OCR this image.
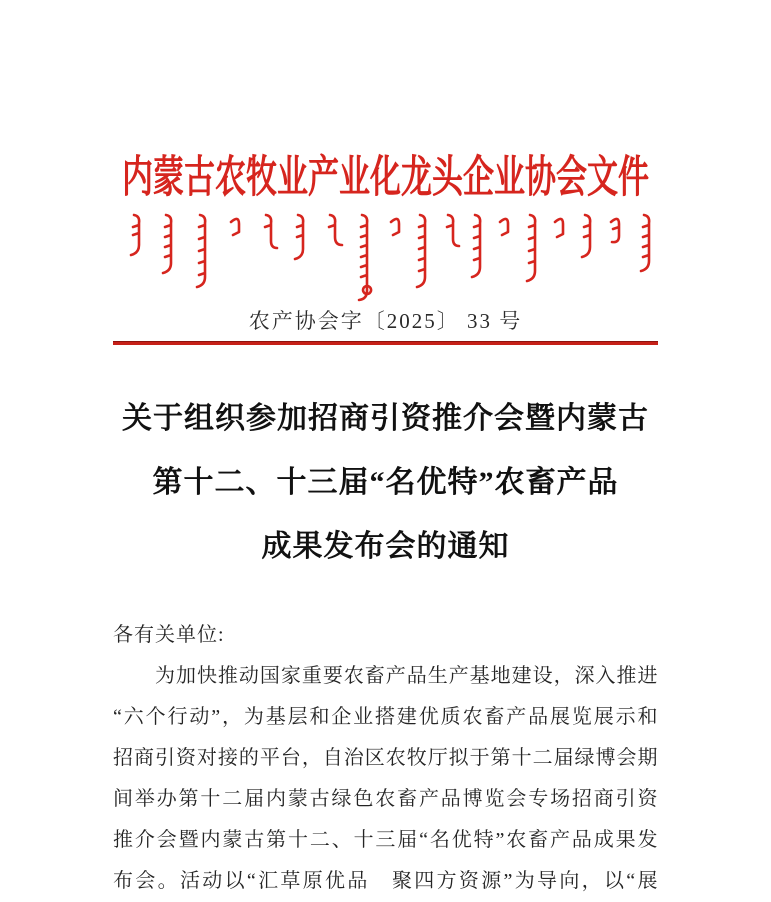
内蒙古农牧业产业化龙头企业协会文件
农产协会字〔2025〕 33 号
关于组织参加招商引资推介会暨内蒙古
第十二、十三届“名优特”农畜产品
成果发布会的通知
各有关单位:

为加快推动国家重要农畜产品生产基地建设，深入推进

“六个行动”，为基层和企业搭建优质农畜产品展览展示和

招商引资对接的平台，自治区农牧厅拟于第十二届绿博会期

间举办第十二届内蒙古绿色农畜产品博览会专场招商引资

推介会暨内蒙古第十二、十三届“名优特”农畜产品成果发

布会。活动以“汇草原优品　聚四方资源”为导向，以“展
